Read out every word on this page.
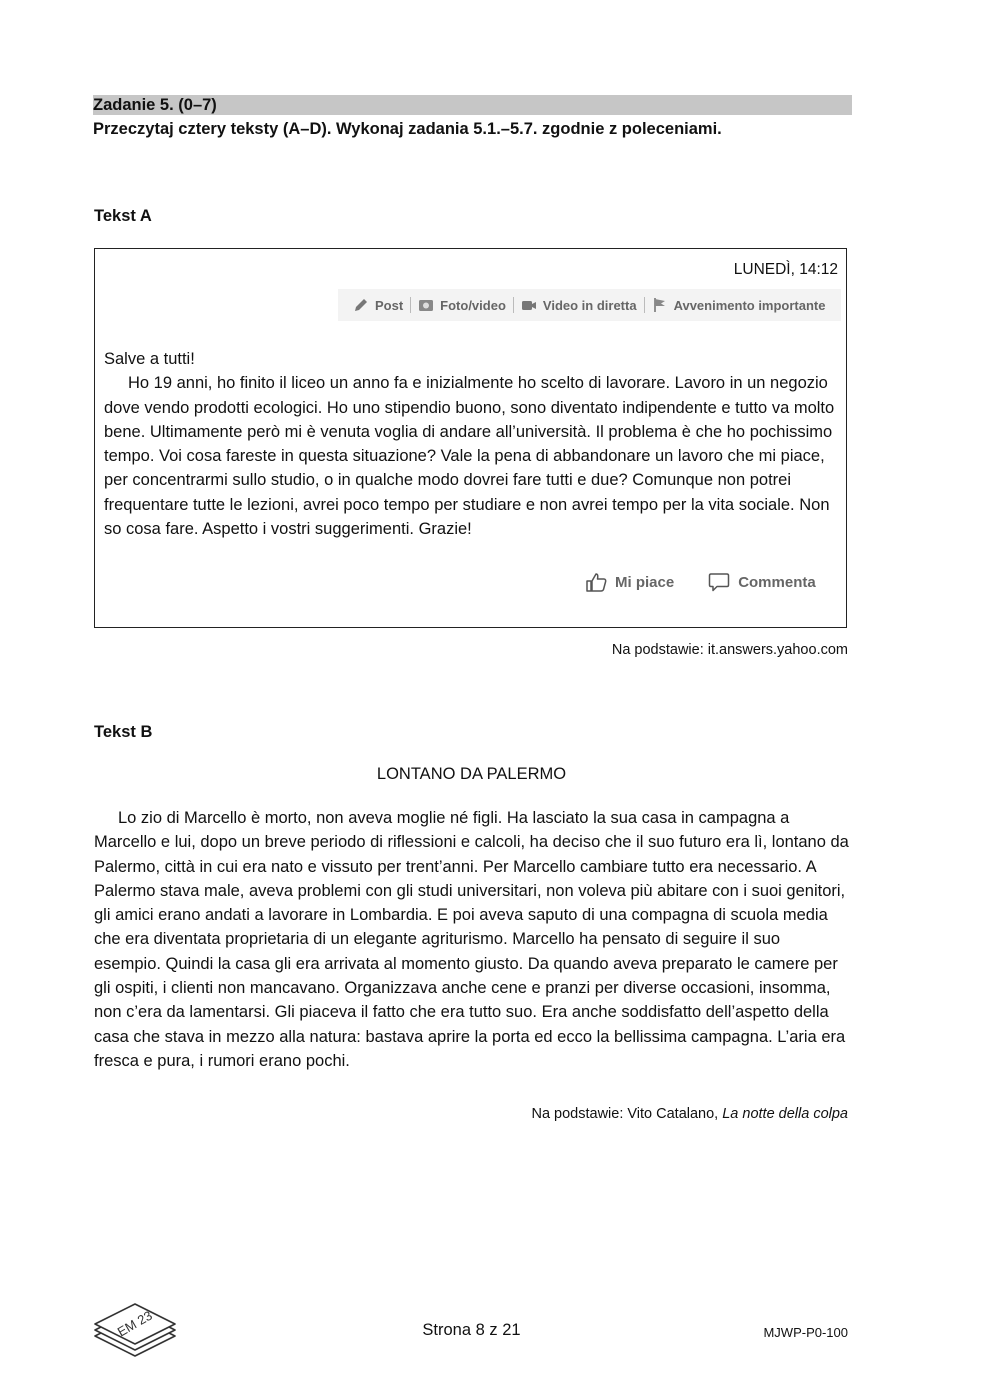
Zadanie 5. (0–7)
Przeczytaj cztery teksty (A–D). Wykonaj zadania 5.1.–5.7. zgodnie z poleceniami.
Tekst A
LUNEDÌ, 14:12
Post	Foto/video	Video in diretta	Avvenimento importante

Salve a tutti!

Ho 19 anni, ho finito il liceo un anno fa e inizialmente ho scelto di lavorare. Lavoro in un negozio dove vendo prodotti ecologici. Ho uno stipendio buono, sono diventato indipendente e tutto va molto bene. Ultimamente però mi è venuta voglia di andare all’università. Il problema è che ho pochissimo tempo. Voi cosa fareste in questa situazione? Vale la pena di abbandonare un lavoro che mi piace, per concentrarmi sullo studio, o in qualche modo dovrei fare tutti e due? Comunque non potrei frequentare tutte le lezioni, avrei poco tempo per studiare e non avrei tempo per la vita sociale. Non so cosa fare. Aspetto i vostri suggerimenti. Grazie!

Mi piace	Commenta
Na podstawie: it.answers.yahoo.com
Tekst B
LONTANO DA PALERMO

Lo zio di Marcello è morto, non aveva moglie né figli. Ha lasciato la sua casa in campagna a Marcello e lui, dopo un breve periodo di riflessioni e calcoli, ha deciso che il suo futuro era lì, lontano da Palermo, città in cui era nato e vissuto per trent’anni. Per Marcello cambiare tutto era necessario. A Palermo stava male, aveva problemi con gli studi universitari, non voleva più abitare con i suoi genitori, gli amici erano andati a lavorare in Lombardia. E poi aveva saputo di una compagna di scuola media che era diventata proprietaria di un elegante agriturismo. Marcello ha pensato di seguire il suo esempio. Quindi la casa gli era arrivata al momento giusto. Da quando aveva preparato le camere per gli ospiti, i clienti non mancavano. Organizzava anche cene e pranzi per diverse occasioni, insomma, non c’era da lamentarsi. Gli piaceva il fatto che era tutto suo. Era anche soddisfatto dell’aspetto della casa che stava in mezzo alla natura: bastava aprire la porta ed ecco la bellissima campagna. L’aria era fresca e pura, i rumori erano pochi.

Na podstawie: Vito Catalano, La notte della colpa
EM 23	Strona 8 z 21	MJWP-P0-100
